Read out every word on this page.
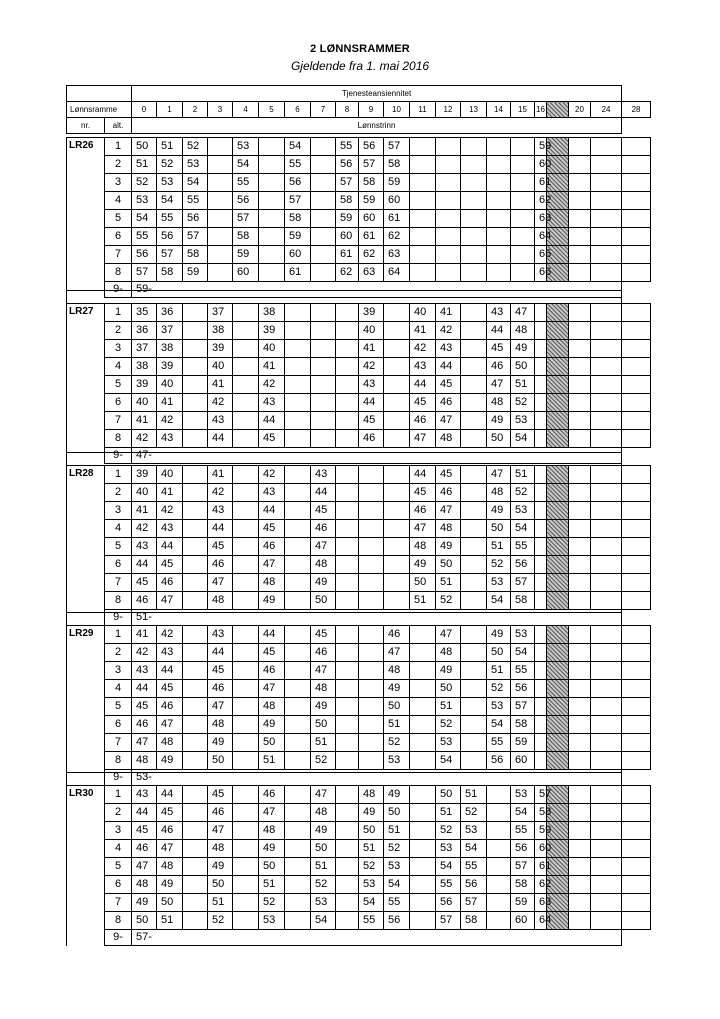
2 LØNNSRAMMER
Gjeldende fra 1. mai 2016
		Tjenesteansiennitet																				
Lønnsramme		0	1	2	3	4	5	6	7	8	9	10	11	12	13	14	15	16		20	24	28
nr.	alt.	Lønnstrinn																				
LR26	1	50	51	52		53		54		55	56	57						59				
	2	51	52	53		54		55		56	57	58						60				
	3	52	53	54		55		56		57	58	59						61				
	4	53	54	55		56		57		58	59	60						62				
	5	54	55	56		57		58		59	60	61						63				
	6	55	56	57		58		59		60	61	62						64				
	7	56	57	58		59		60		61	62	63						65				
	8	57	58	59		60		61		62	63	64						66				
	9-	59-																				

LR27	1	35	36		37		38				39		40	41		43	47					
	2	36	37		38		39				40		41	42		44	48					
	3	37	38		39		40				41		42	43		45	49					
	4	38	39		40		41				42		43	44		46	50					
	5	39	40		41		42				43		44	45		47	51					
	6	40	41		42		43				44		45	46		48	52					
	7	41	42		43		44				45		46	47		49	53					
	8	42	43		44		45				46		47	48		50	54					
	9-	47-																				

LR28	1	39	40		41		42		43				44	45		47	51					
	2	40	41		42		43		44				45	46		48	52					
	3	41	42		43		44		45				46	47		49	53					
	4	42	43		44		45		46				47	48		50	54					
	5	43	44		45		46		47				48	49		51	55					
	6	44	45		46		47		48				49	50		52	56					
	7	45	46		47		48		49				50	51		53	57					
	8	46	47		48		49		50				51	52		54	58					
	9-	51-																				

LR29	1	41	42		43		44		45			46		47		49	53					
	2	42	43		44		45		46			47		48		50	54					
	3	43	44		45		46		47			48		49		51	55					
	4	44	45		46		47		48			49		50		52	56					
	5	45	46		47		48		49			50		51		53	57					
	6	46	47		48		49		50			51		52		54	58					
	7	47	48		49		50		51			52		53		55	59					
	8	48	49		50		51		52			53		54		56	60					
	9-	53-																				

LR30	1	43	44		45		46		47		48	49		50	51		53	57				
	2	44	45		46		47		48		49	50		51	52		54	58				
	3	45	46		47		48		49		50	51		52	53		55	59				
	4	46	47		48		49		50		51	52		53	54		56	60				
	5	47	48		49		50		51		52	53		54	55		57	61				
	6	48	49		50		51		52		53	54		55	56		58	62				
	7	49	50		51		52		53		54	55		56	57		59	63				
	8	50	51		52		53		54		55	56		57	58		60	64				
	9-	57-																				
